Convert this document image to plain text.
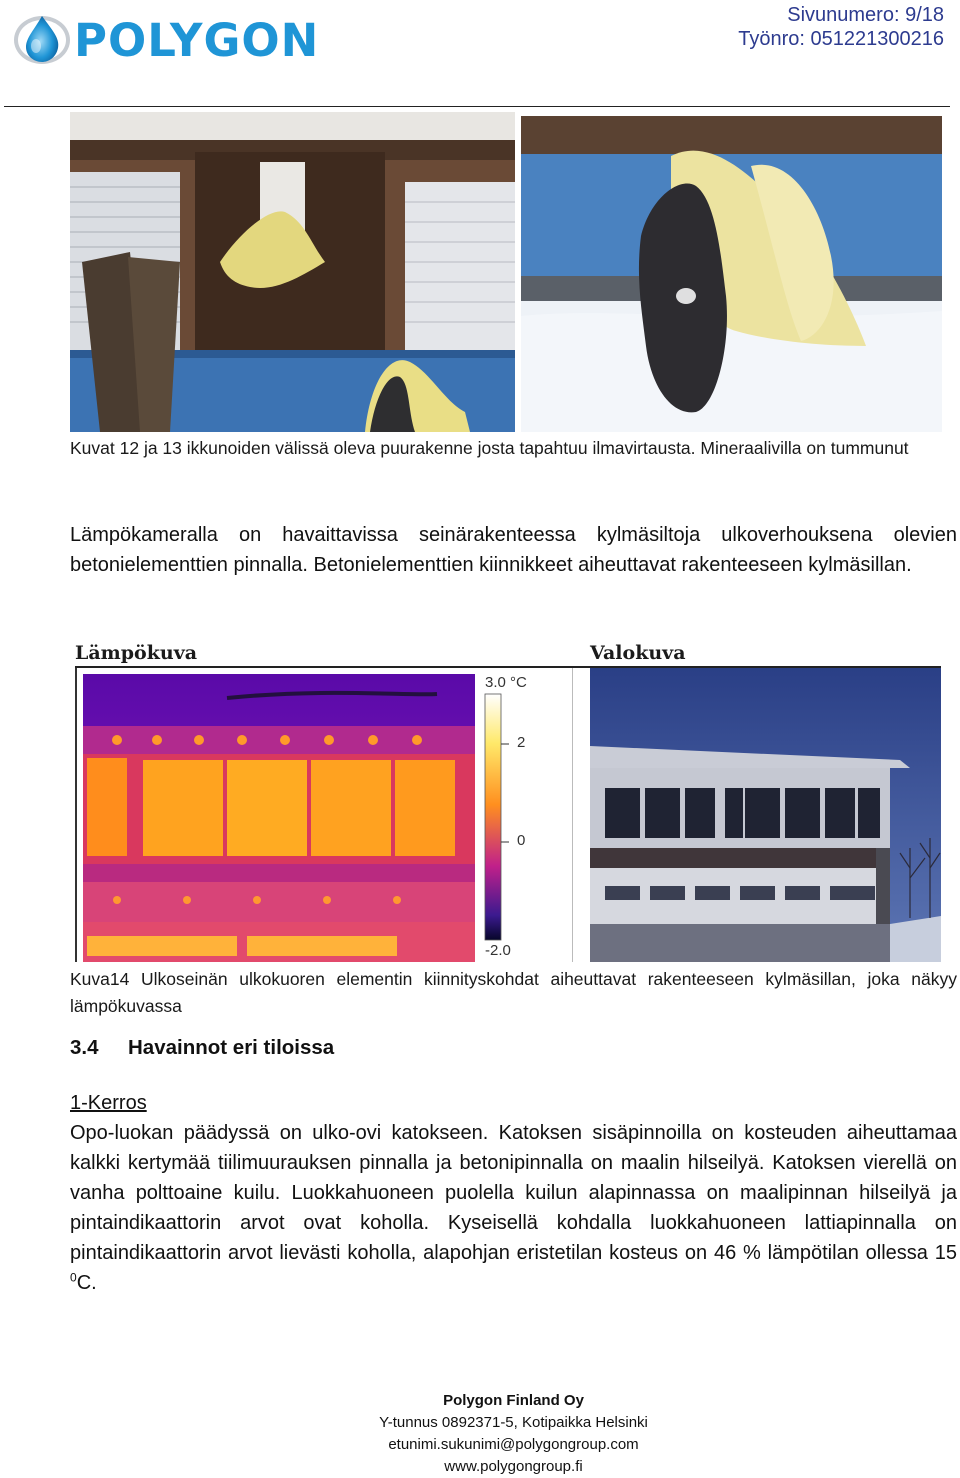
POLYGON	Sivunumero: 9/18
Työnro: 051221300216
Kuvat 12 ja 13 ikkunoiden välissä oleva puurakenne josta tapahtuu ilmavirtausta. Mineraalivilla on tummunut
Lämpökameralla on havaittavissa seinärakenteessa kylmäsiltoja ulkoverhouksena olevien betonielementtien pinnalla. Betonielementtien kiinnikkeet aiheuttavat rakenteeseen kylmäsillan.
Lämpökuva	Valokuva
3.0 °C
2
0
-2.0
Kuva14 Ulkoseinän ulkokuoren elementin kiinnityskohdat aiheuttavat rakenteeseen kylmäsillan, joka näkyy lämpökuvassa
3.4 Havainnot eri tiloissa
1-Kerros
Opo-luokan päädyssä on ulko-ovi katokseen. Katoksen sisäpinnoilla on kosteuden aiheuttamaa kalkki kertymää tiilimuurauksen pinnalla ja betonipinnalla on maalin hilseilyä. Katoksen vierellä on vanha polttoaine kuilu. Luokkahuoneen puolella kuilun alapinnassa on maalipinnan hilseilyä ja pintaindikaattorin arvot ovat koholla. Kyseisellä kohdalla luokkahuoneen lattiapinnalla on pintaindikaattorin arvot lievästi koholla, alapohjan eristetilan kosteus on 46 % lämpötilan ollessa 15 $^0$C.
Polygon Finland Oy
Y-tunnus 0892371-5, Kotipaikka Helsinki
etunimi.sukunimi@polygongroup.com
www.polygongroup.fi
